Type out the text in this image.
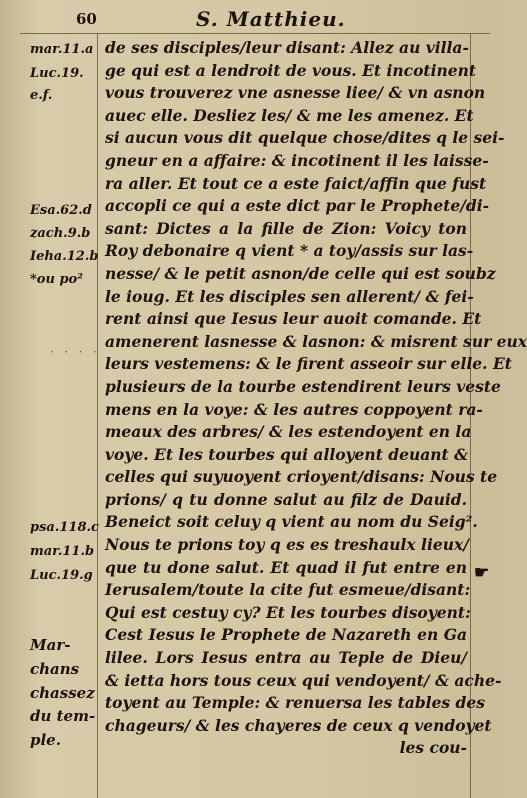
60	S. Matthieu.
mar.11.a
Luc.19.
e.f.
Esa.62.d
zach.9.b
Ieha.12.b
*ou po²
psa.118.c
mar.11.b
Luc.19.g
Mar-
chans
chassez
du tem-
ple.
· · · ·
☛
de ses disciples/leur disant: Allez au villa-
ge qui est a lendroit de vous. Et incotinent
vous trouverez vne asnesse liee/ & vn asnon
auec elle. Desliez les/ & me les amenez. Et
si aucun vous dit quelque chose/dites q le sei-
gneur en a affaire: & incotinent il les laisse-
ra aller. Et tout ce a este faict/affin que fust
accopli ce qui a este dict par le Prophete/di-
sant: Dictes a la fille de Zion: Voicy ton
Roy debonaire q vient * a toy/assis sur las-
nesse/ & le petit asnon/de celle qui est soubz
le ioug. Et les disciples sen allerent/ & fei-
rent ainsi que Iesus leur auoit comande. Et
amenerent lasnesse & lasnon: & misrent sur eux
leurs vestemens: & le firent asseoir sur elle. Et
plusieurs de la tourbe estendirent leurs veste
mens en la voye: & les autres coppoyent ra-
meaux des arbres/ & les estendoyent en la
voye. Et les tourbes qui alloyent deuant &
celles qui suyuoyent crioyent/disans: Nous te
prions/ q tu donne salut au filz de Dauid.
Beneict soit celuy q vient au nom du Seig².
Nous te prions toy q es es treshaulx lieux/
que tu done salut. Et quad il fut entre en
Ierusalem/toute la cite fut esmeue/disant:
Qui est cestuy cy? Et les tourbes disoyent:
Cest Iesus le Prophete de Nazareth en Ga
lilee. Lors Iesus entra au Teple de Dieu/
& ietta hors tous ceux qui vendoyent/ & ache-
toyent au Temple: & renuersa les tables des
chageurs/ & les chayeres de ceux q vendoyet
les cou-
